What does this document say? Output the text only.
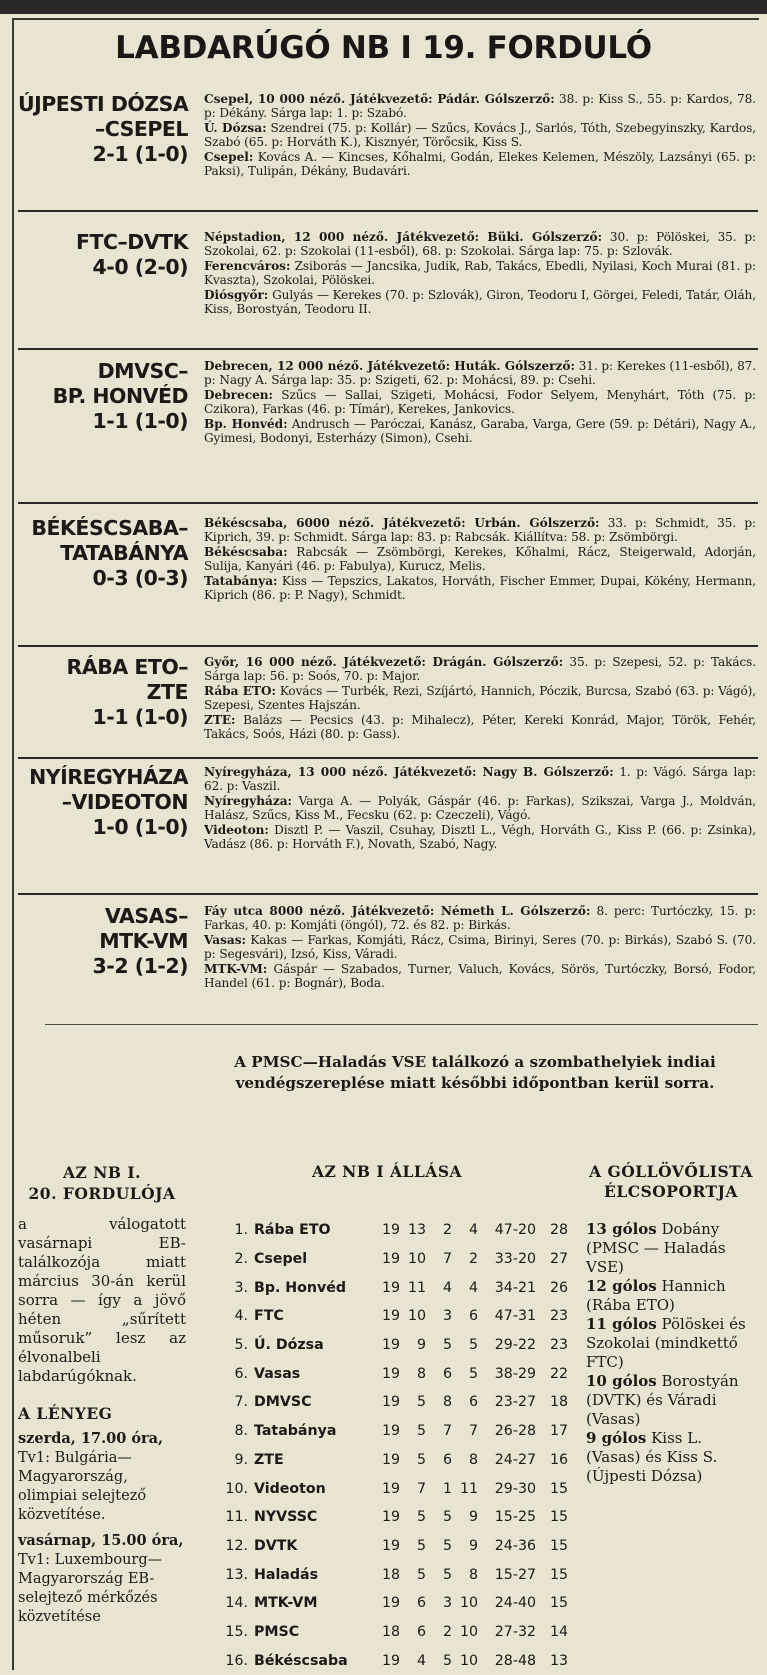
LABDARÚGÓ NB I 19. FORDULÓ
ÚJPESTI DÓZSA
–CSEPEL
2-1 (1-0)

Csepel, 10 000 néző. Játékvezető: Pádár. Gólszerző: 38. p: Kiss S., 55. p: Kardos, 78. p: Dékány. Sárga lap: 1. p: Szabó.

Ú. Dózsa: Szendrei (75. p: Kollár) — Szűcs, Kovács J., Sarlós, Tóth, Szebegyinszky, Kardos, Szabó (65. p: Horváth K.), Kisznyér, Törőcsik, Kiss S.

Csepel: Kovács A. — Kincses, Kőhalmi, Godán, Elekes Kelemen, Mészöly, Lazsányi (65. p: Paksi), Tulipán, Dékány, Budavári.

FTC–DVTK
4-0 (2-0)

Népstadion, 12 000 néző. Játékvezető: Büki. Gólszerző: 30. p: Pölöskei, 35. p: Szokolai, 62. p: Szokolai (11-esből), 68. p: Szokolai. Sárga lap: 75. p: Szlovák.

Ferencváros: Zsiborás — Jancsika, Judik, Rab, Takács, Ebedli, Nyilasi, Koch Murai (81. p: Kvaszta), Szokolai, Pölöskei.

Diósgyőr: Gulyás — Kerekes (70. p: Szlovák), Giron, Teodoru I, Görgei, Feledi, Tatár, Oláh, Kiss, Borostyán, Teodoru II.

DMVSC–
BP. HONVÉD
1-1 (1-0)

Debrecen, 12 000 néző. Játékvezető: Huták. Gólszerző: 31. p: Kerekes (11-esből), 87. p: Nagy A. Sárga lap: 35. p: Szigeti, 62. p: Mohácsi, 89. p: Csehi.

Debrecen: Szűcs — Sallai, Szigeti, Mohácsi, Fodor Selyem, Menyhárt, Tóth (75. p: Czikora), Farkas (46. p: Tímár), Kerekes, Jankovics.

Bp. Honvéd: Andrusch — Paróczai, Kanász, Garaba, Varga, Gere (59. p: Détári), Nagy A., Gyimesi, Bodonyi, Esterházy (Simon), Csehi.

BÉKÉSCSABA–
TATABÁNYA
0-3 (0-3)

Békéscsaba, 6000 néző. Játékvezető: Urbán. Gólszerző: 33. p: Schmidt, 35. p: Kiprich, 39. p: Schmidt. Sárga lap: 83. p: Rabcsák. Kiállítva: 58. p: Zsömbörgi.

Békéscsaba: Rabcsák — Zsömbörgi, Kerekes, Kőhalmi, Rácz, Steigerwald, Adorján, Sulija, Kanyári (46. p: Fabulya), Kurucz, Melis.

Tatabánya: Kiss — Tepszics, Lakatos, Horváth, Fischer Emmer, Dupai, Kökény, Hermann, Kiprich (86. p: P. Nagy), Schmidt.

RÁBA ETO–
ZTE
1-1 (1-0)

Győr, 16 000 néző. Játékvezető: Drágán. Gólszerző: 35. p: Szepesi, 52. p: Takács. Sárga lap: 56. p: Soós, 70. p: Major.

Rába ETO: Kovács — Turbék, Rezi, Szíjártó, Hannich, Póczik, Burcsa, Szabó (63. p: Vágó), Szepesi, Szentes Hajszán.

ZTE: Balázs — Pecsics (43. p: Mihalecz), Péter, Kereki Konrád, Major, Török, Fehér, Takács, Soós, Házi (80. p: Gass).

NYÍREGYHÁZA
–VIDEOTON
1-0 (1-0)

Nyíregyháza, 13 000 néző. Játékvezető: Nagy B. Gólszerző: 1. p: Vágó. Sárga lap: 62. p: Vaszil.

Nyíregyháza: Varga A. — Polyák, Gáspár (46. p: Farkas), Szikszai, Varga J., Moldván, Halász, Szűcs, Kiss M., Fecsku (62. p: Czeczeli), Vágó.

Videoton: Disztl P. — Vaszil, Csuhay, Disztl L., Végh, Horváth G., Kiss P. (66. p: Zsinka), Vadász (86. p: Horváth F.), Novath, Szabó, Nagy.

VASAS–
MTK-VM
3-2 (1-2)

Fáy utca 8000 néző. Játékvezető: Németh L. Gólszerző: 8. perc: Turtóczky, 15. p: Farkas, 40. p: Komjáti (öngól), 72. és 82. p: Birkás.

Vasas: Kakas — Farkas, Komjáti, Rácz, Csima, Birinyi, Seres (70. p: Birkás), Szabó S. (70. p: Segesvári), Izsó, Kiss, Váradi.

MTK-VM: Gáspár — Szabados, Turner, Valuch, Kovács, Sörös, Turtóczky, Borsó, Fodor, Handel (61. p: Bognár), Boda.

A PMSC—Haladás VSE találkozó a szombathelyiek indiai vendégszereplése miatt későbbi időpontban kerül sorra.
AZ NB I.
20. FORDULÓJA
a válogatott vasárnapi EB-találkozója miatt március 30-án kerül sorra — így a jövő héten „sűrített műsoruk” lesz az élvonalbeli labdarúgóknak.
A LÉNYEG
szerda, 17.00 óra, Tv1: Bulgária—Magyarország, olimpiai selejtező közvetítése.
vasárnap, 15.00 óra, Tv1: Luxembourg—Magyarország EB-selejtező mérkőzés közvetítése
AZ NB I ÁLLÁSA
1.	Rába ETO	19	13	2	4	47-20	28
2.	Csepel	19	10	7	2	33-20	27
3.	Bp. Honvéd	19	11	4	4	34-21	26
4.	FTC	19	10	3	6	47-31	23
5.	Ú. Dózsa	19	9	5	5	29-22	23
6.	Vasas	19	8	6	5	38-29	22
7.	DMVSC	19	5	8	6	23-27	18
8.	Tatabánya	19	5	7	7	26-28	17
9.	ZTE	19	5	6	8	24-27	16
10.	Videoton	19	7	1	11	29-30	15
11.	NYVSSC	19	5	5	9	15-25	15
12.	DVTK	19	5	5	9	24-36	15
13.	Haladás	18	5	5	8	15-27	15
14.	MTK-VM	19	6	3	10	24-40	15
15.	PMSC	18	6	2	10	27-32	14
16.	Békéscsaba	19	4	5	10	28-48	13
A GÓLLÖVŐLISTA ÉLCSOPORTJA
13 gólos Dobány (PMSC — Haladás VSE)
12 gólos Hannich (Rába ETO)
11 gólos Pölöskei és Szokolai (mindkettő FTC)
10 gólos Borostyán (DVTK) és Váradi (Vasas)
9 gólos Kiss L. (Vasas) és Kiss S. (Újpesti Dózsa)
